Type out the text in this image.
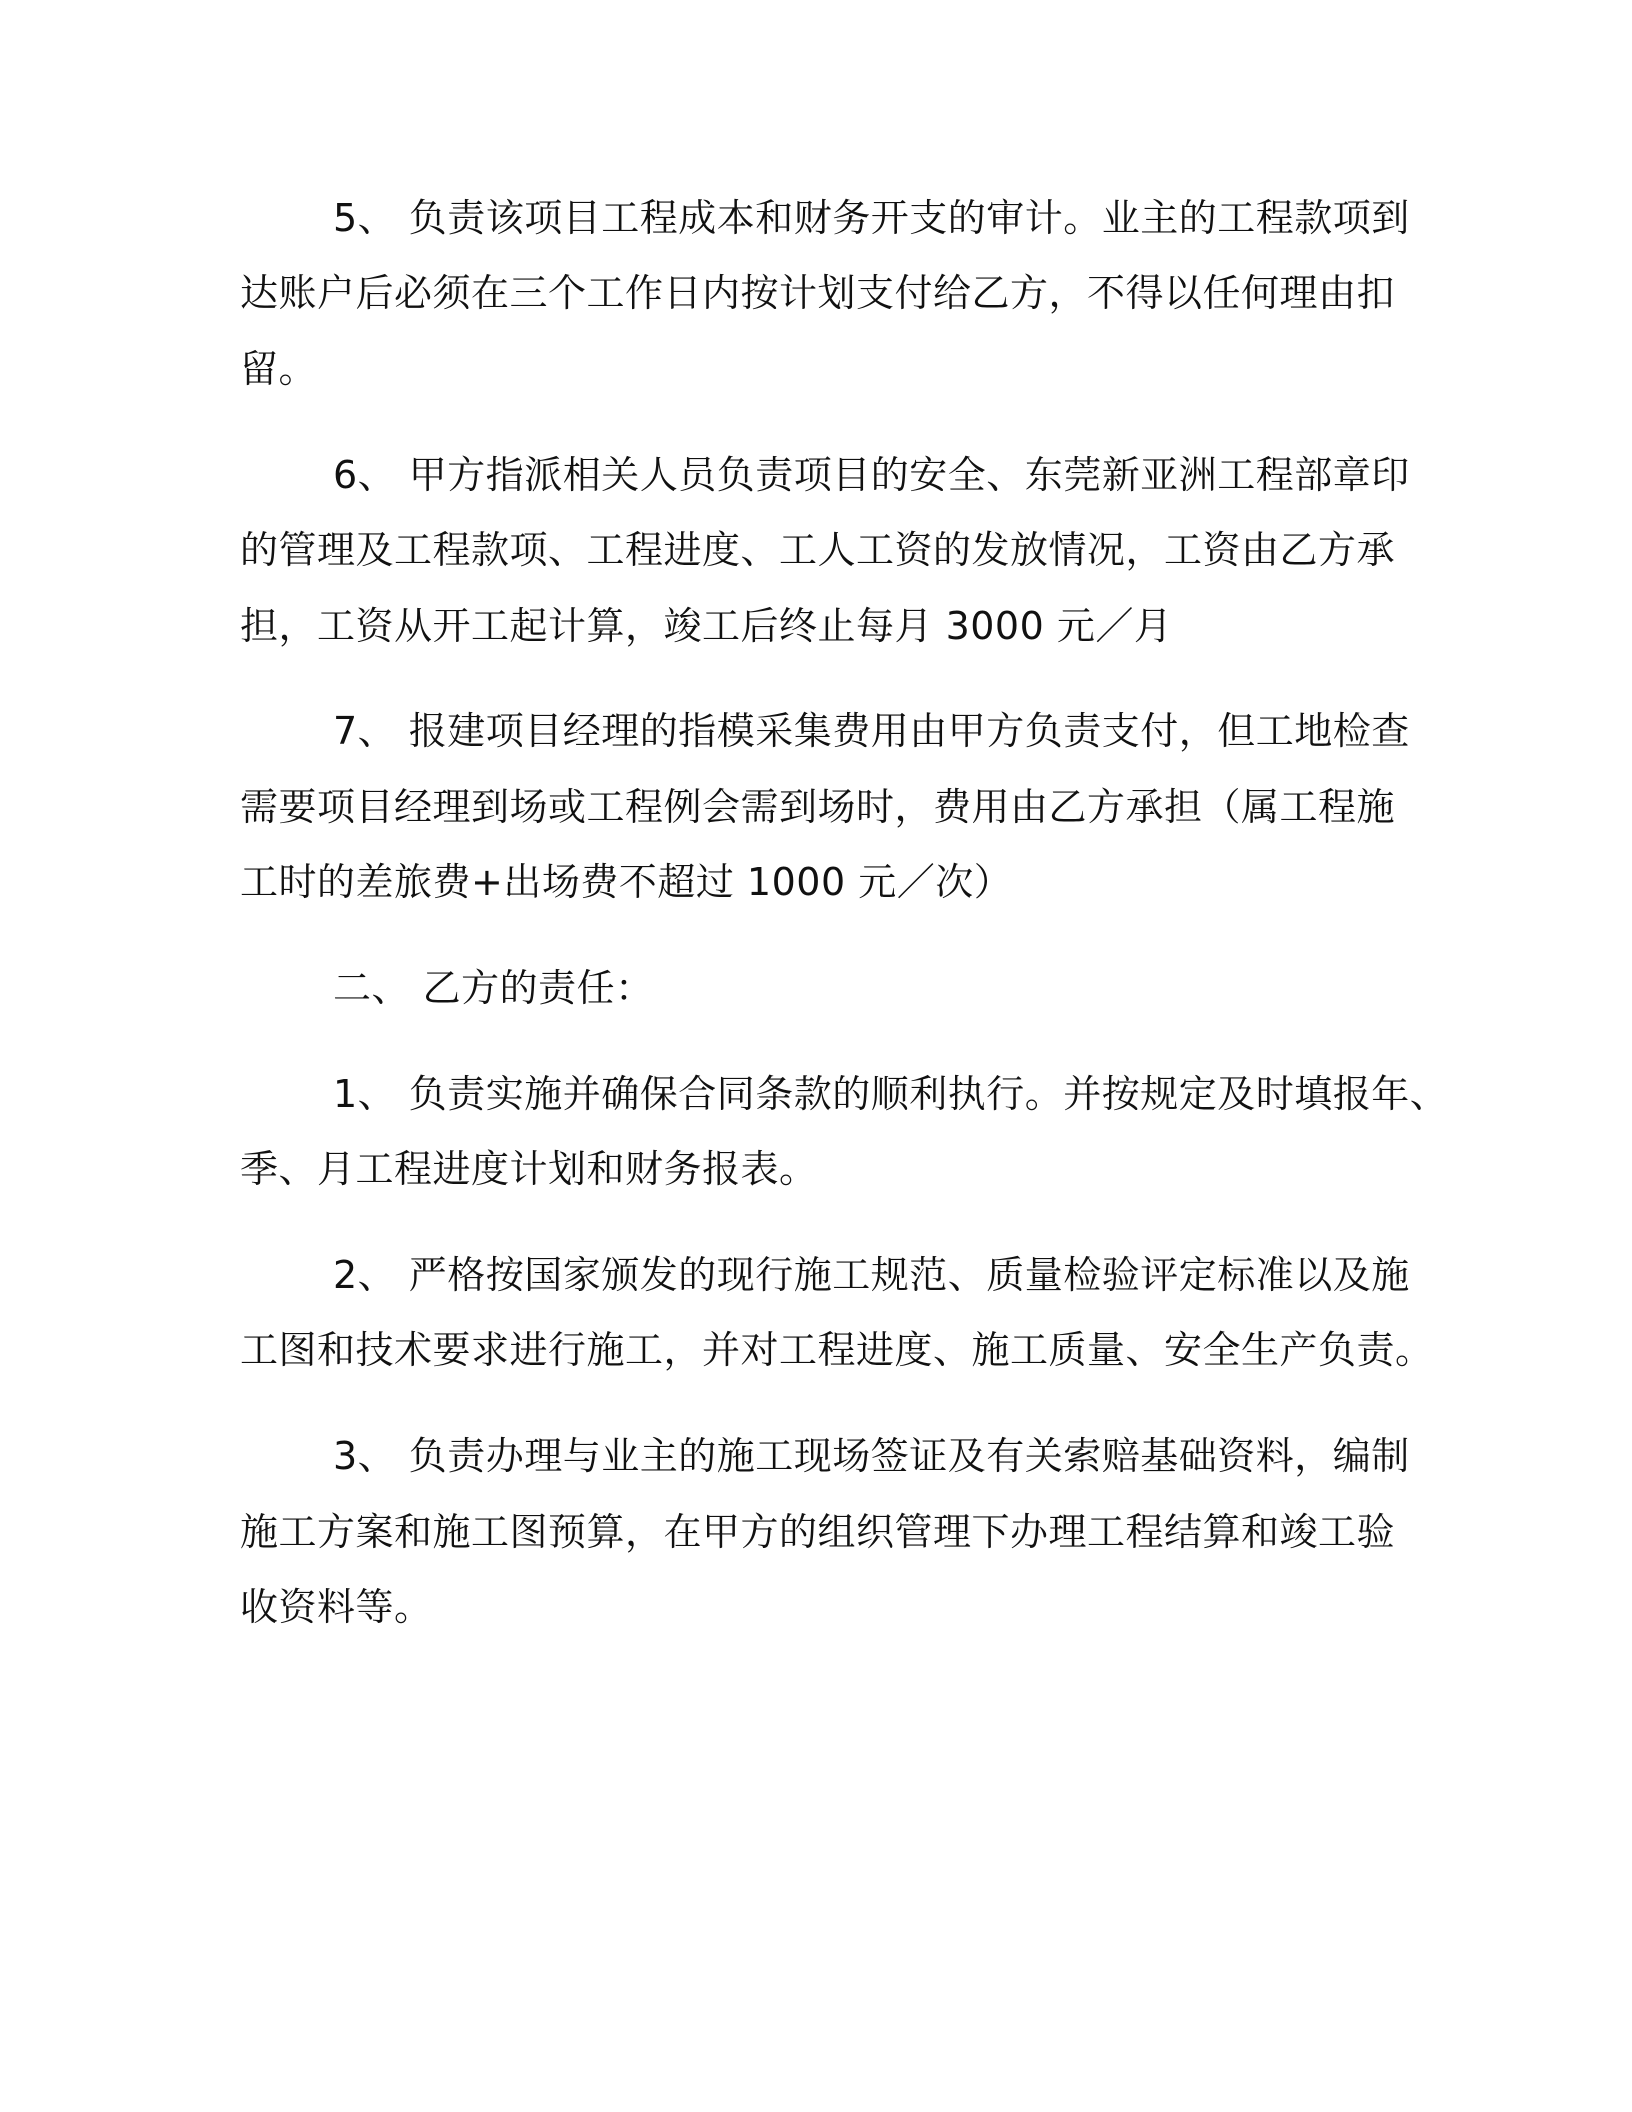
5、 负责该项目工程成本和财务开支的审计。业主的工程款项到
达账户后必须在三个工作日内按计划支付给乙方，不得以任何理由扣
留。
6、 甲方指派相关人员负责项目的安全、东莞新亚洲工程部章印
的管理及工程款项、工程进度、工人工资的发放情况，工资由乙方承
担，工资从开工起计算，竣工后终止每月 3000 元／月
7、 报建项目经理的指模采集费用由甲方负责支付，但工地检查
需要项目经理到场或工程例会需到场时，费用由乙方承担（属工程施
工时的差旅费+出场费不超过 1000 元／次）
二、 乙方的责任：
1、 负责实施并确保合同条款的顺利执行。并按规定及时填报年、
季、月工程进度计划和财务报表。
2、 严格按国家颁发的现行施工规范、质量检验评定标准以及施
工图和技术要求进行施工，并对工程进度、施工质量、安全生产负责。
3、 负责办理与业主的施工现场签证及有关索赔基础资料，编制
施工方案和施工图预算，在甲方的组织管理下办理工程结算和竣工验
收资料等。
